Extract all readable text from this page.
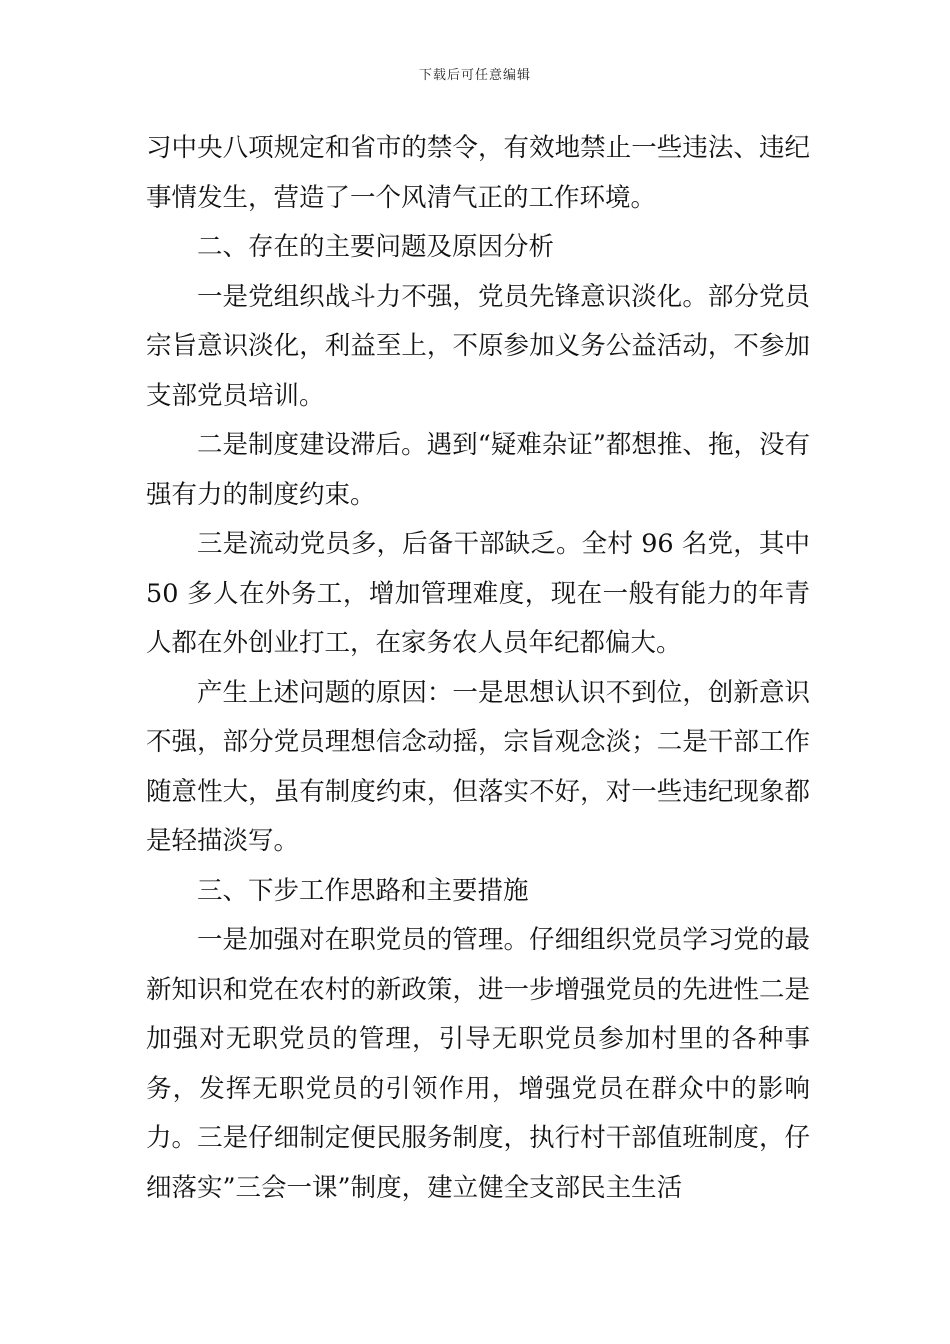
下载后可任意编辑

习中央八项规定和省市的禁令，有效地禁止一些违法、违纪事情发生，营造了一个风清气正的工作环境。

二、存在的主要问题及原因分析

一是党组织战斗力不强，党员先锋意识淡化。部分党员宗旨意识淡化，利益至上，不原参加义务公益活动，不参加支部党员培训。

二是制度建设滞后。遇到“疑难杂证”都想推、拖，没有强有力的制度约束。

三是流动党员多，后备干部缺乏。全村 96 名党，其中 50 多人在外务工，增加管理难度，现在一般有能力的年青人都在外创业打工，在家务农人员年纪都偏大。

产生上述问题的原因：一是思想认识不到位，创新意识不强，部分党员理想信念动摇，宗旨观念淡；二是干部工作随意性大，虽有制度约束，但落实不好，对一些违纪现象都是轻描淡写。

三、下步工作思路和主要措施

一是加强对在职党员的管理。仔细组织党员学习党的最新知识和党在农村的新政策，进一步增强党员的先进性二是加强对无职党员的管理，引导无职党员参加村里的各种事务，发挥无职党员的引领作用，增强党员在群众中的影响力。三是仔细制定便民服务制度，执行村干部值班制度，仔细落实”三会一课”制度，建立健全支部民主生活
